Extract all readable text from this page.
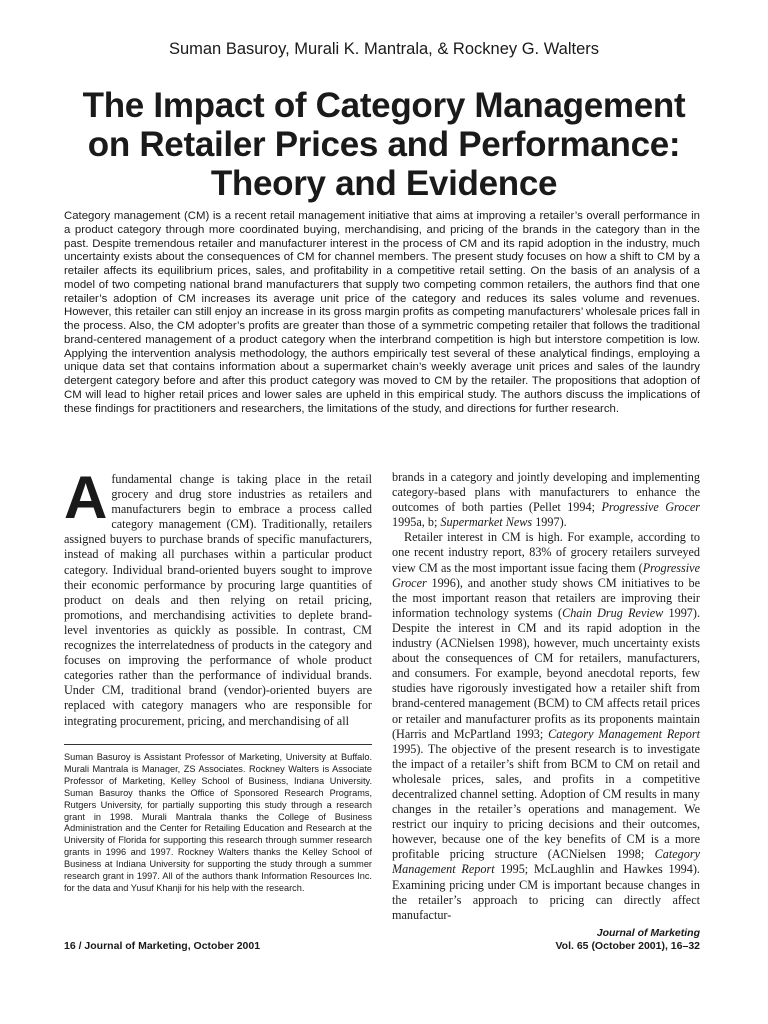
Suman Basuroy, Murali K. Mantrala, & Rockney G. Walters
The Impact of Category Management
on Retailer Prices and Performance:
Theory and Evidence

Category management (CM) is a recent retail management initiative that aims at improving a retailer’s overall performance in a product category through more coordinated buying, merchandising, and pricing of the brands in the category than in the past. Despite tremendous retailer and manufacturer interest in the process of CM and its rapid adoption in the industry, much uncertainty exists about the consequences of CM for channel members. The present study focuses on how a shift to CM by a retailer affects its equilibrium prices, sales, and profitability in a competitive retail setting. On the basis of an analysis of a model of two competing national brand manufacturers that supply two competing common retailers, the authors find that one retailer’s adoption of CM increases its average unit price of the category and reduces its sales volume and revenues. However, this retailer can still enjoy an increase in its gross margin profits as competing manufacturers’ wholesale prices fall in the process. Also, the CM adopter’s profits are greater than those of a symmetric competing retailer that follows the traditional brand-centered management of a product category when the interbrand competition is high but interstore competition is low. Applying the intervention analysis methodology, the authors empirically test several of these analytical findings, employing a unique data set that contains information about a supermarket chain’s weekly average unit prices and sales of the laundry detergent category before and after this product category was moved to CM by the retailer. The propositions that adoption of CM will lead to higher retail prices and lower sales are upheld in this empirical study. The authors discuss the implications of these findings for practitioners and researchers, the limitations of the study, and directions for further research.

Afundamental change is taking place in the retail grocery and drug store industries as retailers and manufacturers begin to embrace a process called category management (CM). Traditionally, retailers assigned buyers to purchase brands of specific manufacturers, instead of making all purchases within a particular product category. Individual brand-oriented buyers sought to improve their economic performance by procuring large quantities of product on deals and then relying on retail pricing, promotions, and merchandising activities to deplete brand-level inventories as quickly as possible. In contrast, CM recognizes the interrelatedness of products in the category and focuses on improving the performance of whole product categories rather than the performance of individual brands. Under CM, traditional brand (vendor)-oriented buyers are replaced with category managers who are responsible for integrating procurement, pricing, and merchandising of all

Suman Basuroy is Assistant Professor of Marketing, University at Buffalo. Murali Mantrala is Manager, ZS Associates. Rockney Walters is Associate Professor of Marketing, Kelley School of Business, Indiana University. Suman Basuroy thanks the Office of Sponsored Research Programs, Rutgers University, for partially supporting this study through a research grant in 1998. Murali Mantrala thanks the College of Business Administration and the Center for Retailing Education and Research at the University of Florida for supporting this research through summer research grants in 1996 and 1997. Rockney Walters thanks the Kelley School of Business at Indiana University for supporting the study through a summer research grant in 1997. All of the authors thank Information Resources Inc. for the data and Yusuf Khanji for his help with the research.

brands in a category and jointly developing and implementing category-based plans with manufacturers to enhance the outcomes of both parties (Pellet 1994; Progressive Grocer 1995a, b; Supermarket News 1997).

Retailer interest in CM is high. For example, according to one recent industry report, 83% of grocery retailers surveyed view CM as the most important issue facing them (Progressive Grocer 1996), and another study shows CM initiatives to be the most important reason that retailers are improving their information technology systems (Chain Drug Review 1997). Despite the interest in CM and its rapid adoption in the industry (ACNielsen 1998), however, much uncertainty exists about the consequences of CM for retailers, manufacturers, and consumers. For example, beyond anecdotal reports, few studies have rigorously investigated how a retailer shift from brand-centered management (BCM) to CM affects retail prices or retailer and manufacturer profits as its proponents maintain (Harris and McPartland 1993; Category Management Report 1995). The objective of the present research is to investigate the impact of a retailer’s shift from BCM to CM on retail and wholesale prices, sales, and profits in a competitive decentralized channel setting. Adoption of CM results in many changes in the retailer’s operations and management. We restrict our inquiry to pricing decisions and their outcomes, however, because one of the key benefits of CM is a more profitable pricing structure (ACNielsen 1998; Category Management Report 1995; McLaughlin and Hawkes 1994). Examining pricing under CM is important because changes in the retailer’s approach to pricing can directly affect manufactur-

16 / Journal of Marketing, October 2001
Journal of Marketing
Vol. 65 (October 2001), 16–32
